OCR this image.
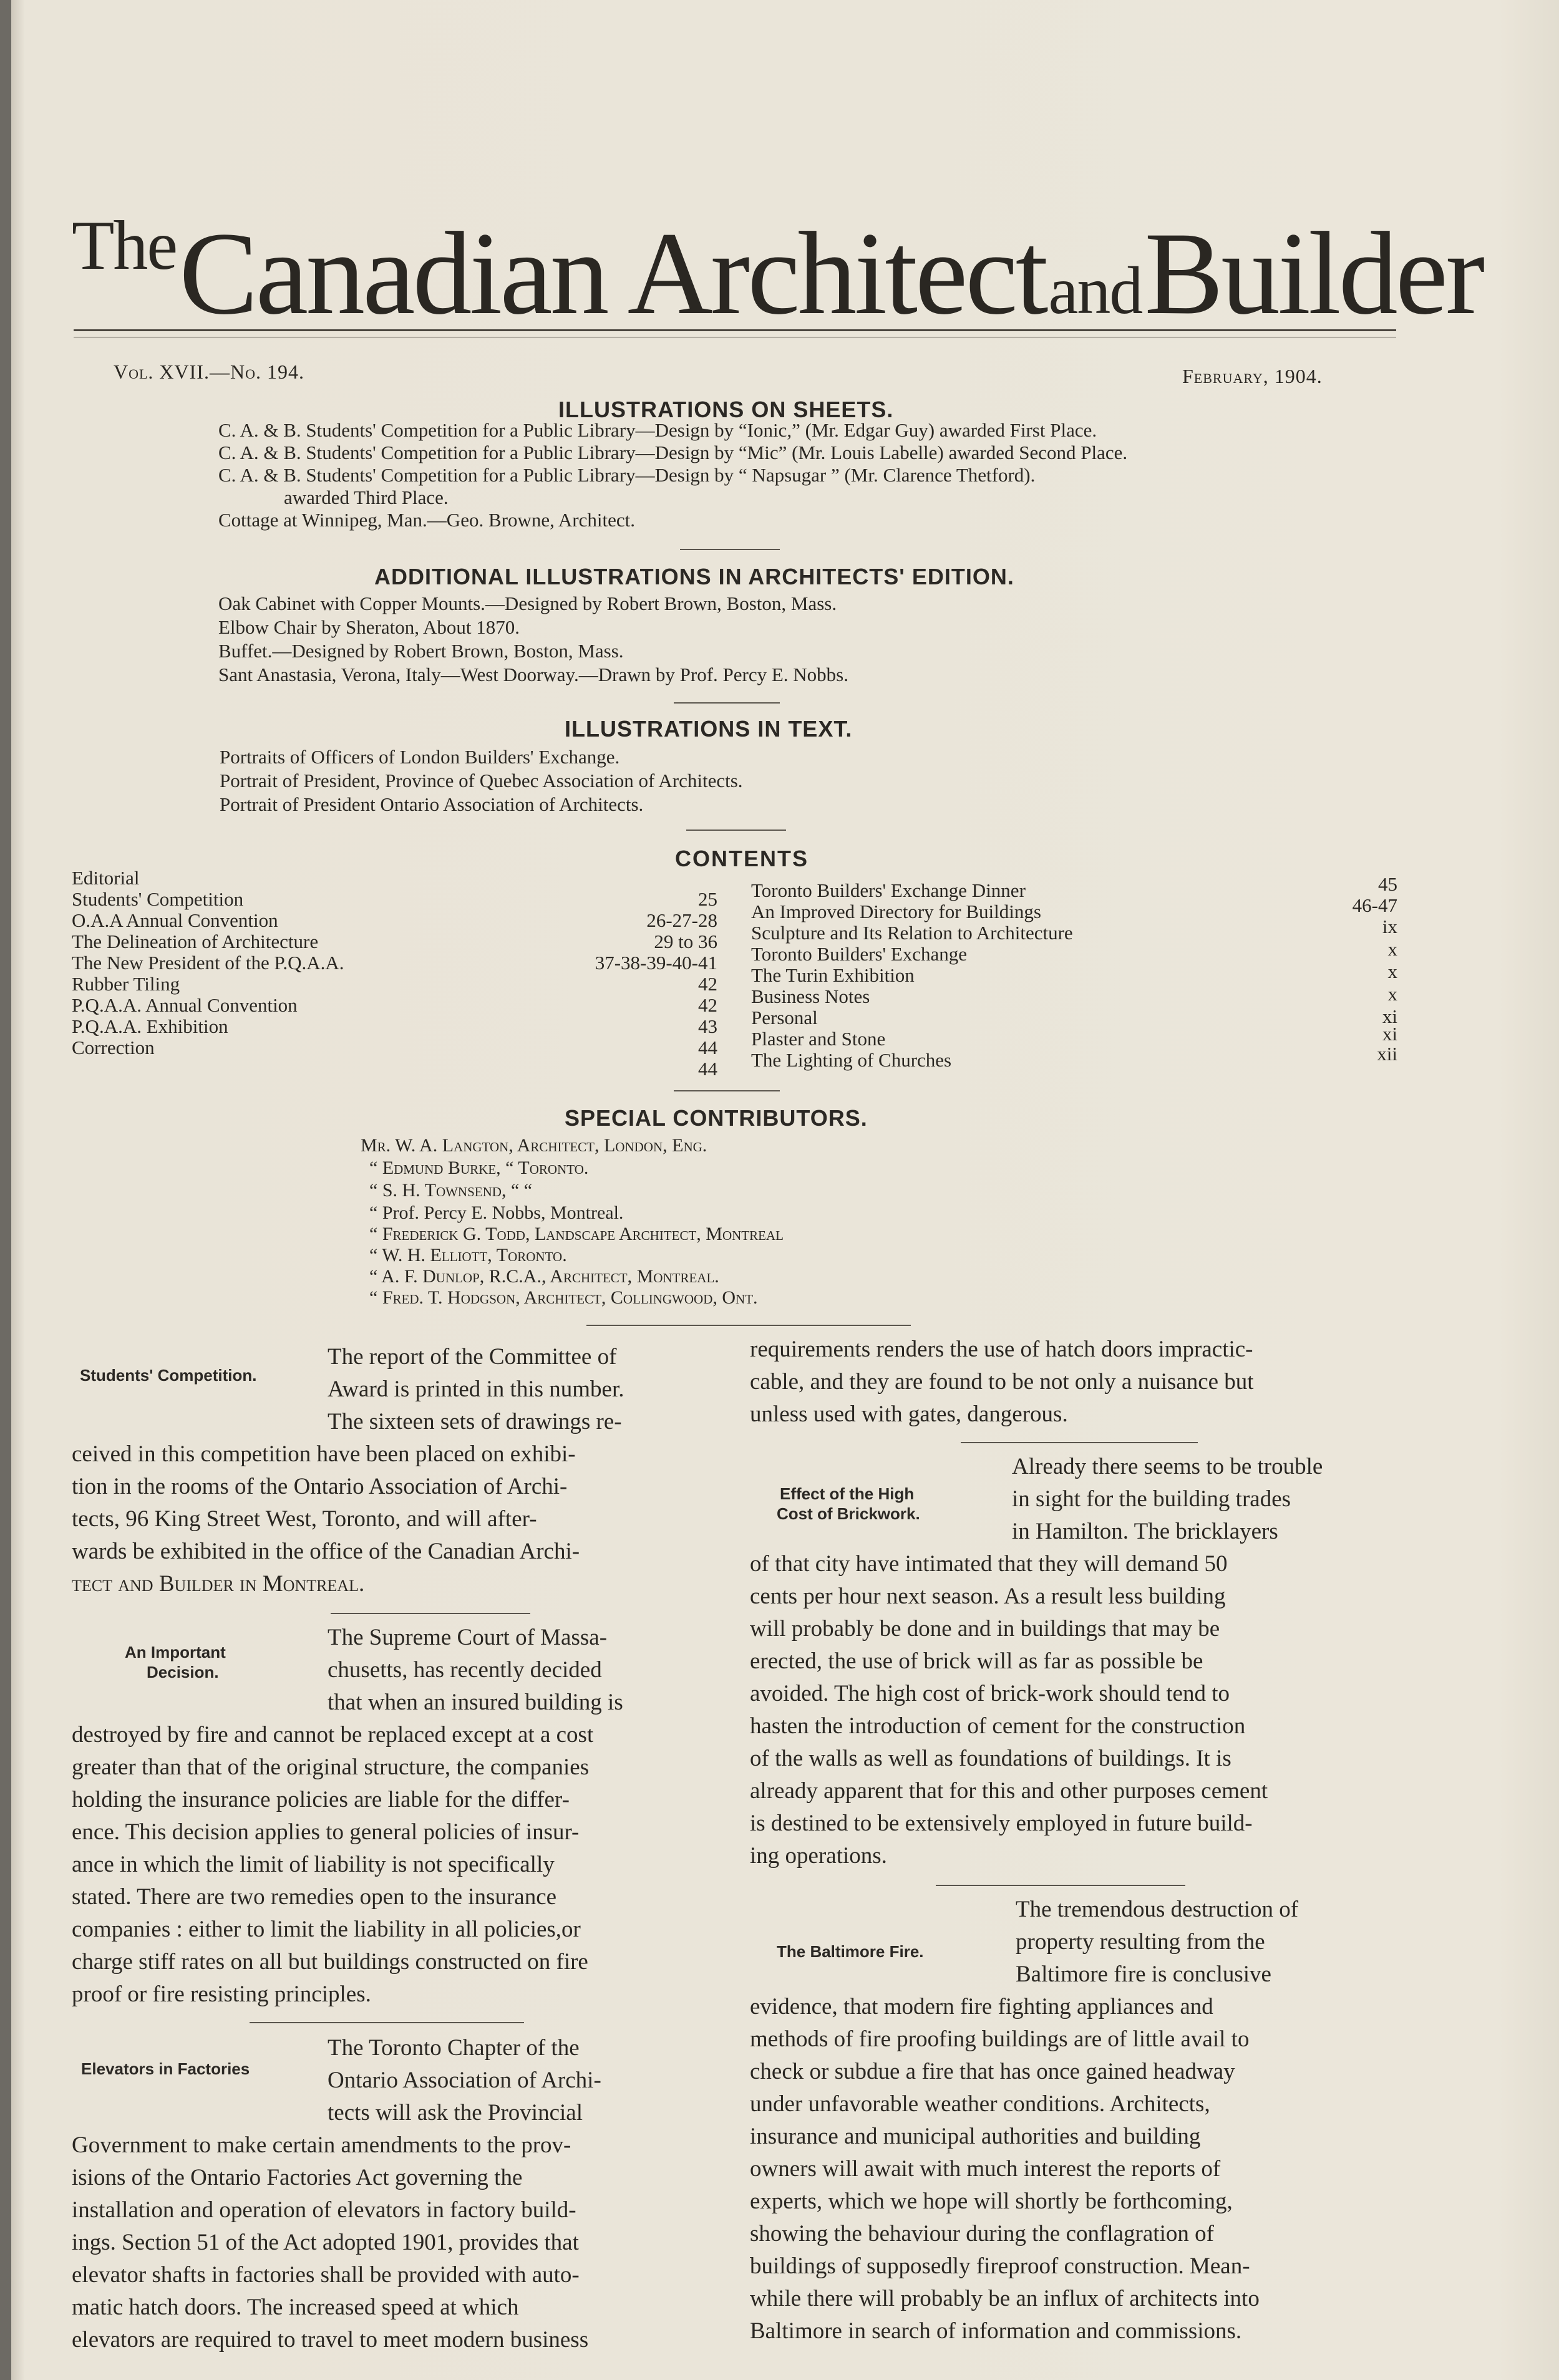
The Canadian Architect and Builder
Vol. XVII.—No. 194.	February, 1904.
ILLUSTRATIONS ON SHEETS.
C. A. & B. Students' Competition for a Public Library—Design by “Ionic,” (Mr. Edgar Guy) awarded First Place.
C. A. & B. Students' Competition for a Public Library—Design by “Mic” (Mr. Louis Labelle) awarded Second Place.
C. A. & B. Students' Competition for a Public Library—Design by “ Napsugar ” (Mr. Clarence Thetford).
awarded Third Place.
Cottage at Winnipeg, Man.—Geo. Browne, Architect.
ADDITIONAL ILLUSTRATIONS IN ARCHITECTS' EDITION.
Oak Cabinet with Copper Mounts.—Designed by Robert Brown, Boston, Mass.
Elbow Chair by Sheraton, About 1870.
Buffet.—Designed by Robert Brown, Boston, Mass.
Sant Anastasia, Verona, Italy—West Doorway.—Drawn by Prof. Percy E. Nobbs.
ILLUSTRATIONS IN TEXT.
Portraits of Officers of London Builders' Exchange.
Portrait of President, Province of Quebec Association of Architects.
Portrait of President Ontario Association of Architects.
CONTENTS
Editorial
Students' Competition
O.A.A Annual Convention
The Delineation of Architecture
The New President of the P.Q.A.A.
Rubber Tiling
P.Q.A.A. Annual Convention
P.Q.A.A. Exhibition
Correction
25
26-27-28
29 to 36
37-38-39-40-41
42
42
43
44
44
Toronto Builders' Exchange Dinner
An Improved Directory for Buildings
Sculpture and Its Relation to Architecture
Toronto Builders' Exchange
The Turin Exhibition
Business Notes
Personal
Plaster and Stone
The Lighting of Churches
45
46-47
ix
x
x
x
xi
xi
xii
SPECIAL CONTRIBUTORS.
Mr. W. A. Langton, Architect, London, Eng.
“ Edmund Burke, “ Toronto.
“ S. H. Townsend, “ “
“ Prof. Percy E. Nobbs, Montreal.
“ Frederick G. Todd, Landscape Architect, Montreal
“ W. H. Elliott, Toronto.
“ A. F. Dunlop, R.C.A., Architect, Montreal.
“ Fred. T. Hodgson, Architect, Collingwood, Ont.
Students' Competition.
The report of the Committee of
Award is printed in this number.
The sixteen sets of drawings re-
ceived in this competition have been placed on exhibi-
tion in the rooms of the Ontario Association of Archi-
tects, 96 King Street West, Toronto, and will after-
wards be exhibited in the office of the Canadian Archi-
tect and Builder in Montreal.
An Important
Decision.
The Supreme Court of Massa-
chusetts, has recently decided
that when an insured building is
destroyed by fire and cannot be replaced except at a cost
greater than that of the original structure, the companies
holding the insurance policies are liable for the differ-
ence. This decision applies to general policies of insur-
ance in which the limit of liability is not specifically
stated. There are two remedies open to the insurance
companies : either to limit the liability in all policies,or
charge stiff rates on all but buildings constructed on fire
proof or fire resisting principles.
Elevators in Factories
The Toronto Chapter of the
Ontario Association of Archi-
tects will ask the Provincial
Government to make certain amendments to the prov-
isions of the Ontario Factories Act governing the
installation and operation of elevators in factory build-
ings. Section 51 of the Act adopted 1901, provides that
elevator shafts in factories shall be provided with auto-
matic hatch doors. The increased speed at which
elevators are required to travel to meet modern business
requirements renders the use of hatch doors impractic-
cable, and they are found to be not only a nuisance but
unless used with gates, dangerous.
Effect of the High
Cost of Brickwork.
Already there seems to be trouble
in sight for the building trades
in Hamilton. The bricklayers
of that city have intimated that they will demand 50
cents per hour next season. As a result less building
will probably be done and in buildings that may be
erected, the use of brick will as far as possible be
avoided. The high cost of brick-work should tend to
hasten the introduction of cement for the construction
of the walls as well as foundations of buildings. It is
already apparent that for this and other purposes cement
is destined to be extensively employed in future build-
ing operations.
The Baltimore Fire.
The tremendous destruction of
property resulting from the
Baltimore fire is conclusive
evidence, that modern fire fighting appliances and
methods of fire proofing buildings are of little avail to
check or subdue a fire that has once gained headway
under unfavorable weather conditions. Architects,
insurance and municipal authorities and building
owners will await with much interest the reports of
experts, which we hope will shortly be forthcoming,
showing the behaviour during the conflagration of
buildings of supposedly fireproof construction. Mean-
while there will probably be an influx of architects into
Baltimore in search of information and commissions.
